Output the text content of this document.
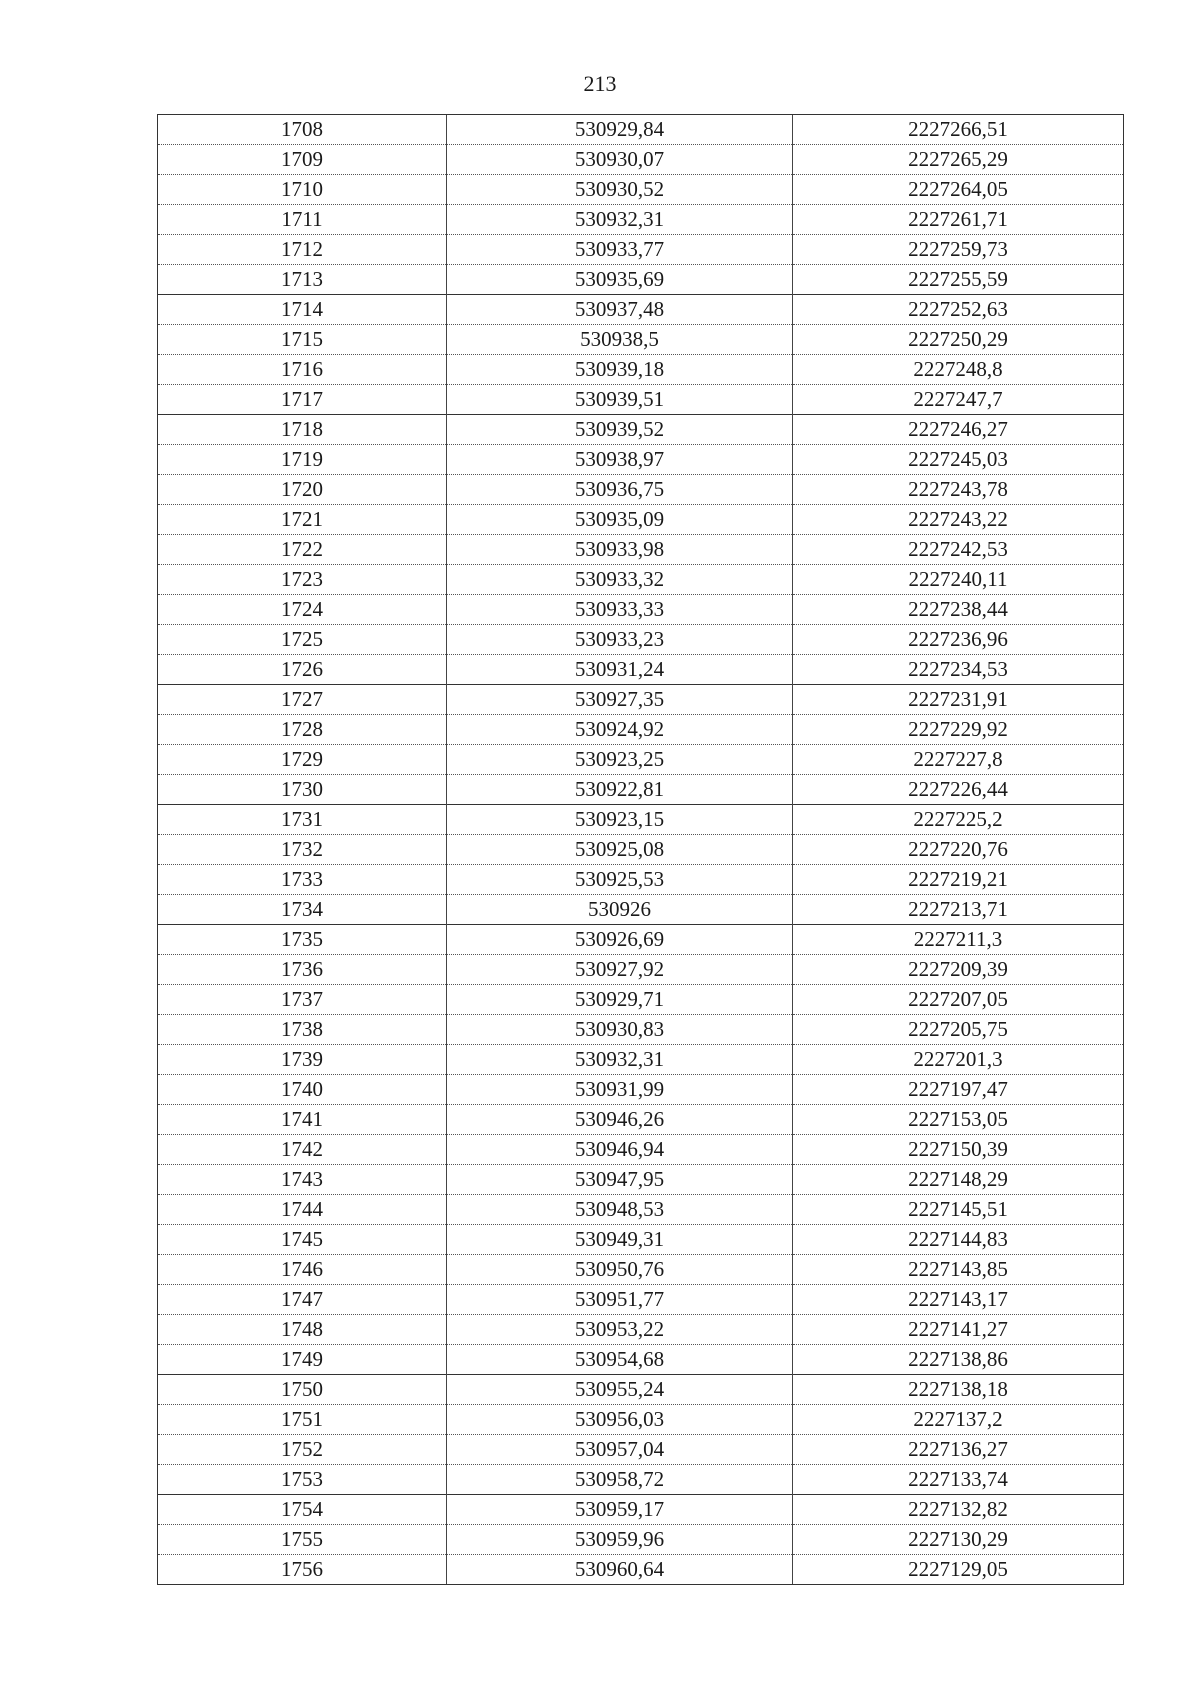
213
1708	530929,84	2227266,51
1709	530930,07	2227265,29
1710	530930,52	2227264,05
1711	530932,31	2227261,71
1712	530933,77	2227259,73
1713	530935,69	2227255,59
1714	530937,48	2227252,63
1715	530938,5	2227250,29
1716	530939,18	2227248,8
1717	530939,51	2227247,7
1718	530939,52	2227246,27
1719	530938,97	2227245,03
1720	530936,75	2227243,78
1721	530935,09	2227243,22
1722	530933,98	2227242,53
1723	530933,32	2227240,11
1724	530933,33	2227238,44
1725	530933,23	2227236,96
1726	530931,24	2227234,53
1727	530927,35	2227231,91
1728	530924,92	2227229,92
1729	530923,25	2227227,8
1730	530922,81	2227226,44
1731	530923,15	2227225,2
1732	530925,08	2227220,76
1733	530925,53	2227219,21
1734	530926	2227213,71
1735	530926,69	2227211,3
1736	530927,92	2227209,39
1737	530929,71	2227207,05
1738	530930,83	2227205,75
1739	530932,31	2227201,3
1740	530931,99	2227197,47
1741	530946,26	2227153,05
1742	530946,94	2227150,39
1743	530947,95	2227148,29
1744	530948,53	2227145,51
1745	530949,31	2227144,83
1746	530950,76	2227143,85
1747	530951,77	2227143,17
1748	530953,22	2227141,27
1749	530954,68	2227138,86
1750	530955,24	2227138,18
1751	530956,03	2227137,2
1752	530957,04	2227136,27
1753	530958,72	2227133,74
1754	530959,17	2227132,82
1755	530959,96	2227130,29
1756	530960,64	2227129,05
